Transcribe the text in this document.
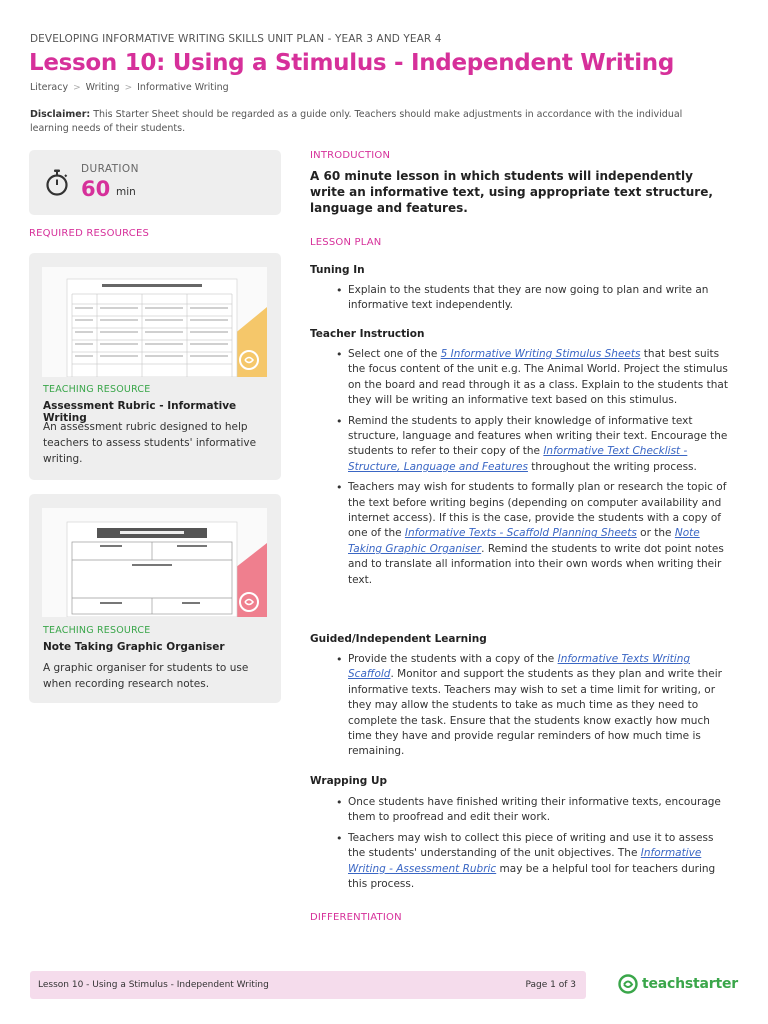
DEVELOPING INFORMATIVE WRITING SKILLS UNIT PLAN - YEAR 3 AND YEAR 4
Lesson 10: Using a Stimulus - Independent Writing
Literacy > Writing > Informative Writing
Disclaimer: This Starter Sheet should be regarded as a guide only. Teachers should make adjustments in accordance with the individual learning needs of their students.
DURATION
60 min
REQUIRED RESOURCES
TEACHING RESOURCE
Assessment Rubric - Informative Writing
An assessment rubric designed to help teachers to assess students' informative writing.
TEACHING RESOURCE
Note Taking Graphic Organiser
A graphic organiser for students to use when recording research notes.
INTRODUCTION
A 60 minute lesson in which students will independently write an informative text, using appropriate text structure, language and features.
LESSON PLAN
Tuning In
• Explain to the students that they are now going to plan and write an informative text independently.
Teacher Instruction
• Select one of the 5 Informative Writing Stimulus Sheets that best suits the focus content of the unit e.g. The Animal World. Project the stimulus on the board and read through it as a class. Explain to the students that they will be writing an informative text based on this stimulus.
• Remind the students to apply their knowledge of informative text structure, language and features when writing their text. Encourage the students to refer to their copy of the Informative Text Checklist - Structure, Language and Features throughout the writing process.
• Teachers may wish for students to formally plan or research the topic of the text before writing begins (depending on computer availability and internet access). If this is the case, provide the students with a copy of one of the Informative Texts - Scaffold Planning Sheets or the Note Taking Graphic Organiser. Remind the students to write dot point notes and to translate all information into their own words when writing their text.
Guided/Independent Learning
• Provide the students with a copy of the Informative Texts Writing Scaffold. Monitor and support the students as they plan and write their informative texts. Teachers may wish to set a time limit for writing, or they may allow the students to take as much time as they need to complete the task. Ensure that the students know exactly how much time they have and provide regular reminders of how much time is remaining.
Wrapping Up
• Once students have finished writing their informative texts, encourage them to proofread and edit their work.
• Teachers may wish to collect this piece of writing and use it to assess the students' understanding of the unit objectives. The Informative Writing - Assessment Rubric may be a helpful tool for teachers during this process.
DIFFERENTIATION
Lesson 10 - Using a Stimulus - Independent Writing	Page 1 of 3	teachstarter
